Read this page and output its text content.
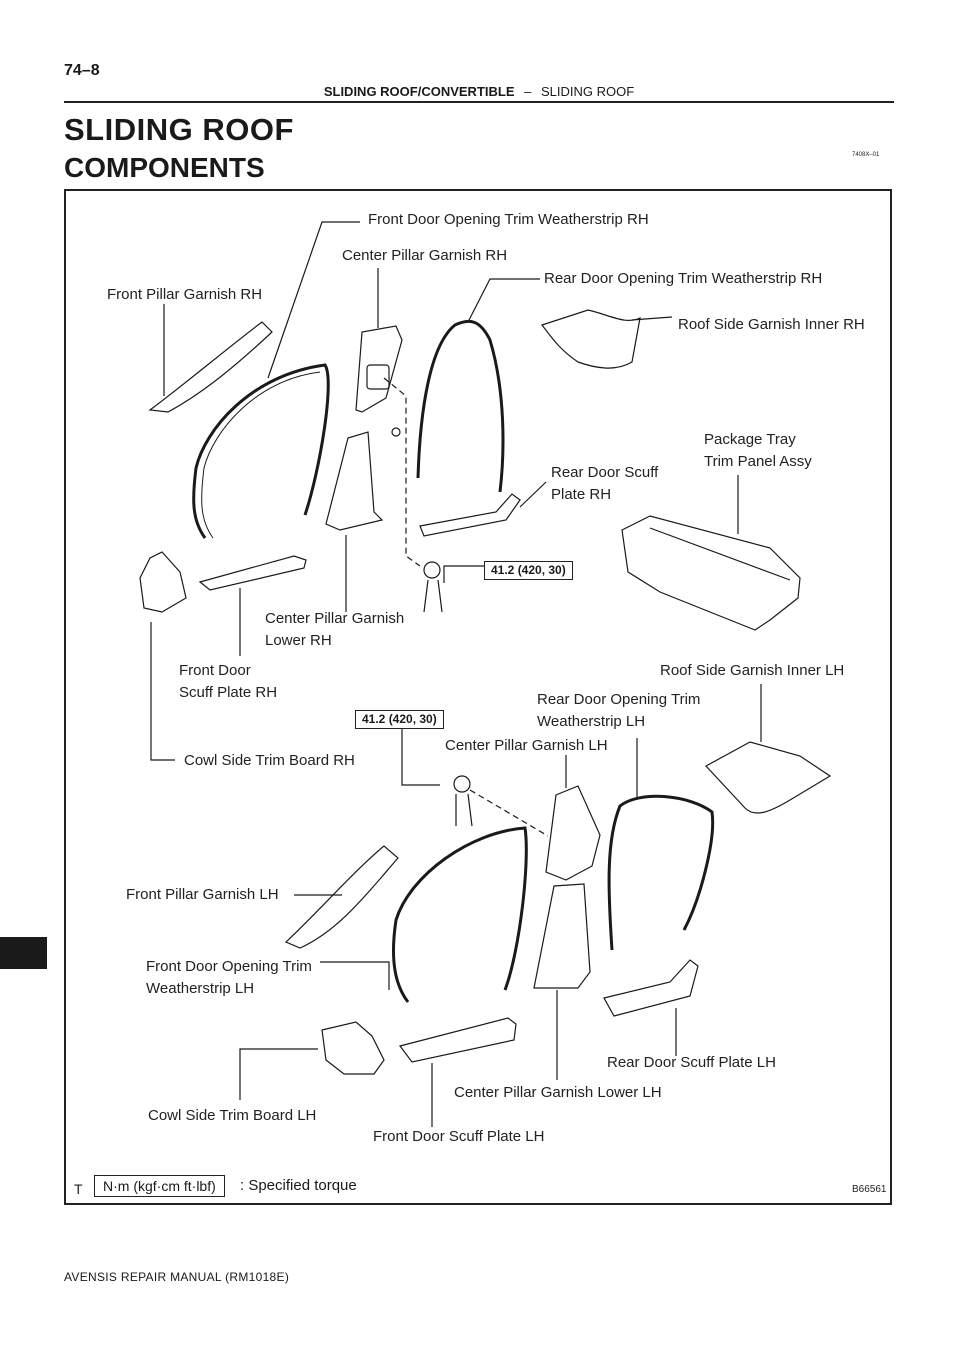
74–8
SLIDING ROOF/CONVERTIBLE – SLIDING ROOF
SLIDING ROOF
COMPONENTS	7408X–01
Front Door Opening Trim Weatherstrip RH
Center Pillar Garnish RH
Rear Door Opening Trim Weatherstrip RH
Front Pillar Garnish RH
Roof Side Garnish Inner RH
Package Tray
Trim Panel Assy
Rear Door Scuff
Plate RH
41.2 (420, 30)
Center Pillar Garnish
Lower RH
Front Door
Scuff Plate RH
Roof Side Garnish Inner LH
Rear Door Opening Trim
Weatherstrip LH
41.2 (420, 30)
Center Pillar Garnish LH
Cowl Side Trim Board RH
Front Pillar Garnish LH
Front Door Opening Trim
Weatherstrip LH
Rear Door Scuff Plate LH
Center Pillar Garnish Lower LH
Cowl Side Trim Board LH
Front Door Scuff Plate LH
T	N·m (kgf·cm ft·lbf)	: Specified torque	B66561
AVENSIS REPAIR MANUAL (RM1018E)
